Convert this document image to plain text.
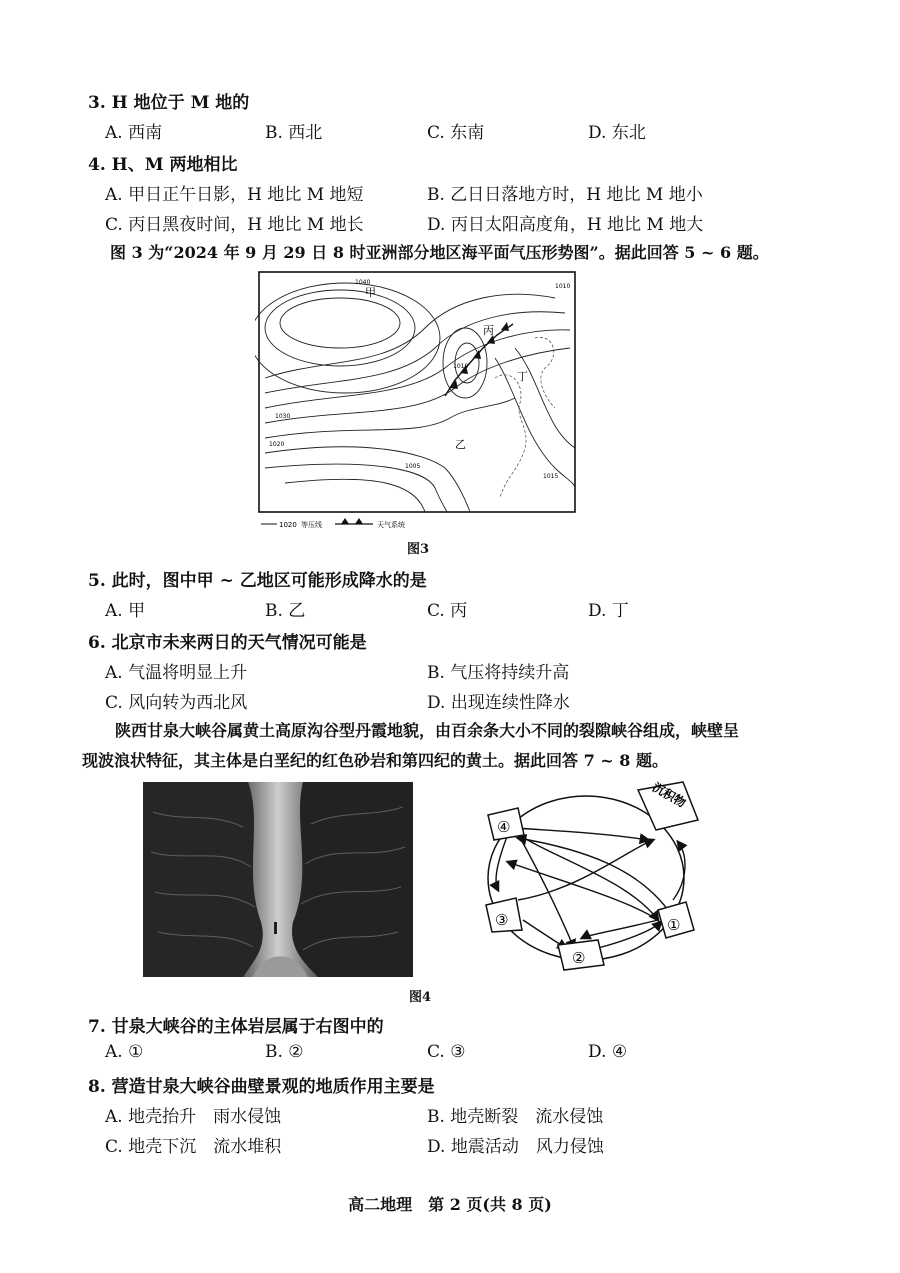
3. H 地位于 M 地的
A. 西南	B. 西北	C. 东南	D. 东北
4. H、M 两地相比
A. 甲日正午日影，H 地比 M 地短	B. 乙日日落地方时，H 地比 M 地小
C. 丙日黑夜时间，H 地比 M 地长	D. 丙日太阳高度角，H 地比 M 地大
图 3 为“2024 年 9 月 29 日 8 时亚洲部分地区海平面气压形势图”。据此回答 5 ~ 6 题。
甲
乙
丙
丁
1040
1020
1030
1005
1010
1015
1010
1020 等压线	天气系统
图3
5. 此时，图中甲 ~ 乙地区可能形成降水的是
A. 甲	B. 乙	C. 丙	D. 丁
6. 北京市未来两日的天气情况可能是
A. 气温将明显上升	B. 气压将持续升高
C. 风向转为西北风	D. 出现连续性降水
陕西甘泉大峡谷属黄土高原沟谷型丹霞地貌，由百余条大小不同的裂隙峡谷组成，峡壁呈
现波浪状特征，其主体是白垩纪的红色砂岩和第四纪的黄土。据此回答 7 ~ 8 题。
沉积物
④
③
②
①
图4
7. 甘泉大峡谷的主体岩层属于右图中的
A. ①	B. ②	C. ③	D. ④
8. 营造甘泉大峡谷曲壁景观的地质作用主要是
A. 地壳抬升　雨水侵蚀	B. 地壳断裂　流水侵蚀
C. 地壳下沉　流水堆积	D. 地震活动　风力侵蚀
高二地理　第 2 页(共 8 页)
